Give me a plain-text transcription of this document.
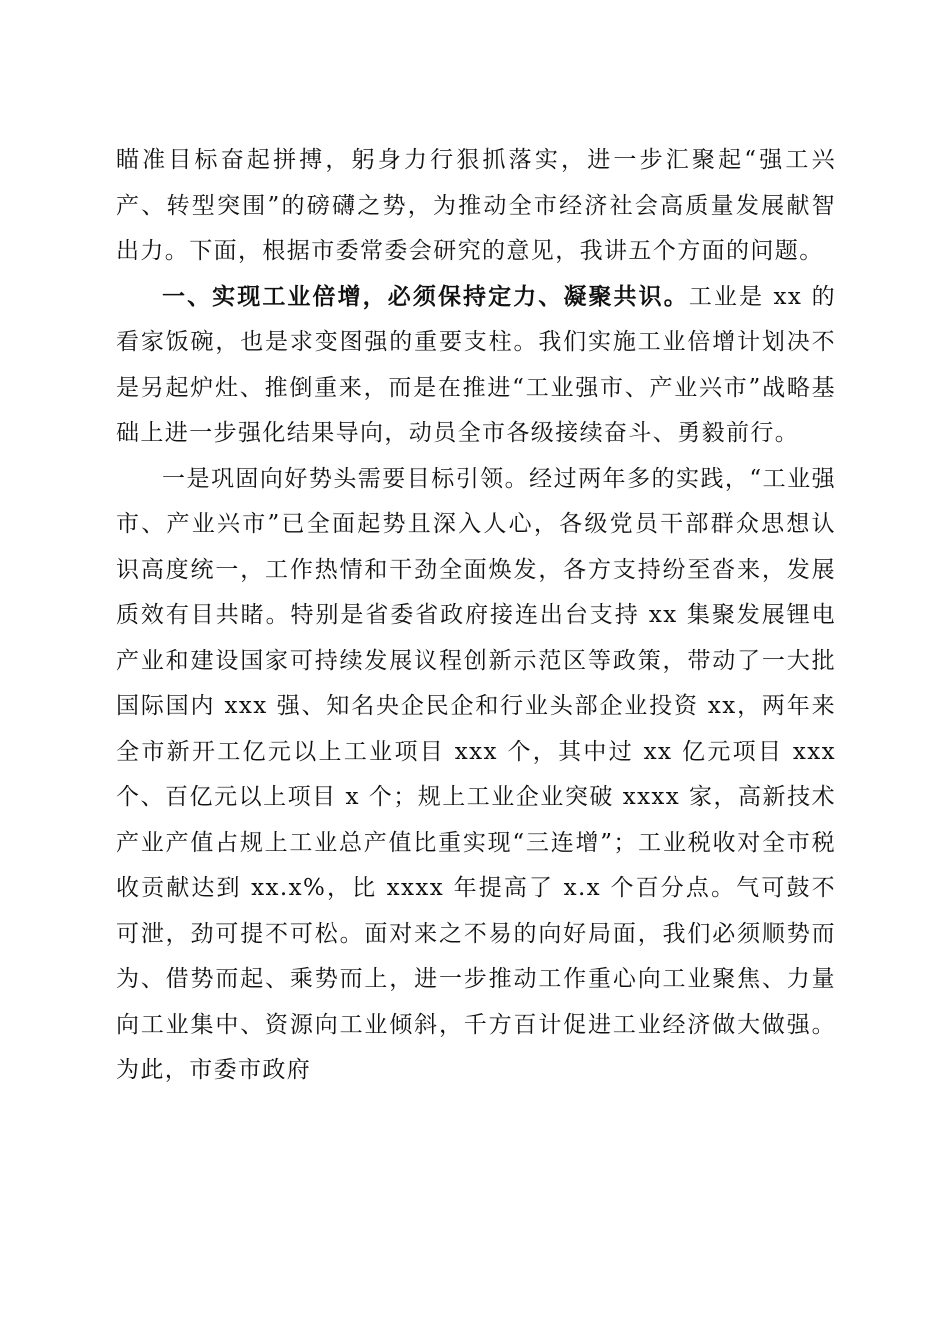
瞄准目标奋起拼搏，躬身力行狠抓落实，进一步汇聚起“强工兴产、转型突围”的磅礴之势，为推动全市经济社会高质量发展献智出力。下面，根据市委常委会研究的意见，我讲五个方面的问题。

一、实现工业倍增，必须保持定力、凝聚共识。工业是 xx 的看家饭碗，也是求变图强的重要支柱。我们实施工业倍增计划决不是另起炉灶、推倒重来，而是在推进“工业强市、产业兴市”战略基础上进一步强化结果导向，动员全市各级接续奋斗、勇毅前行。

一是巩固向好势头需要目标引领。经过两年多的实践，“工业强市、产业兴市”已全面起势且深入人心，各级党员干部群众思想认识高度统一，工作热情和干劲全面焕发，各方支持纷至沓来，发展质效有目共睹。特别是省委省政府接连出台支持 xx 集聚发展锂电产业和建设国家可持续发展议程创新示范区等政策，带动了一大批国际国内 xxx 强、知名央企民企和行业头部企业投资 xx，两年来全市新开工亿元以上工业项目 xxx 个，其中过 xx 亿元项目 xxx 个、百亿元以上项目 x 个；规上工业企业突破 xxxx 家，高新技术产业产值占规上工业总产值比重实现“三连增”；工业税收对全市税收贡献达到 xx.x%，比 xxxx 年提高了 x.x 个百分点。气可鼓不可泄，劲可提不可松。面对来之不易的向好局面，我们必须顺势而为、借势而起、乘势而上，进一步推动工作重心向工业聚焦、力量向工业集中、资源向工业倾斜，千方百计促进工业经济做大做强。为此，市委市政府
